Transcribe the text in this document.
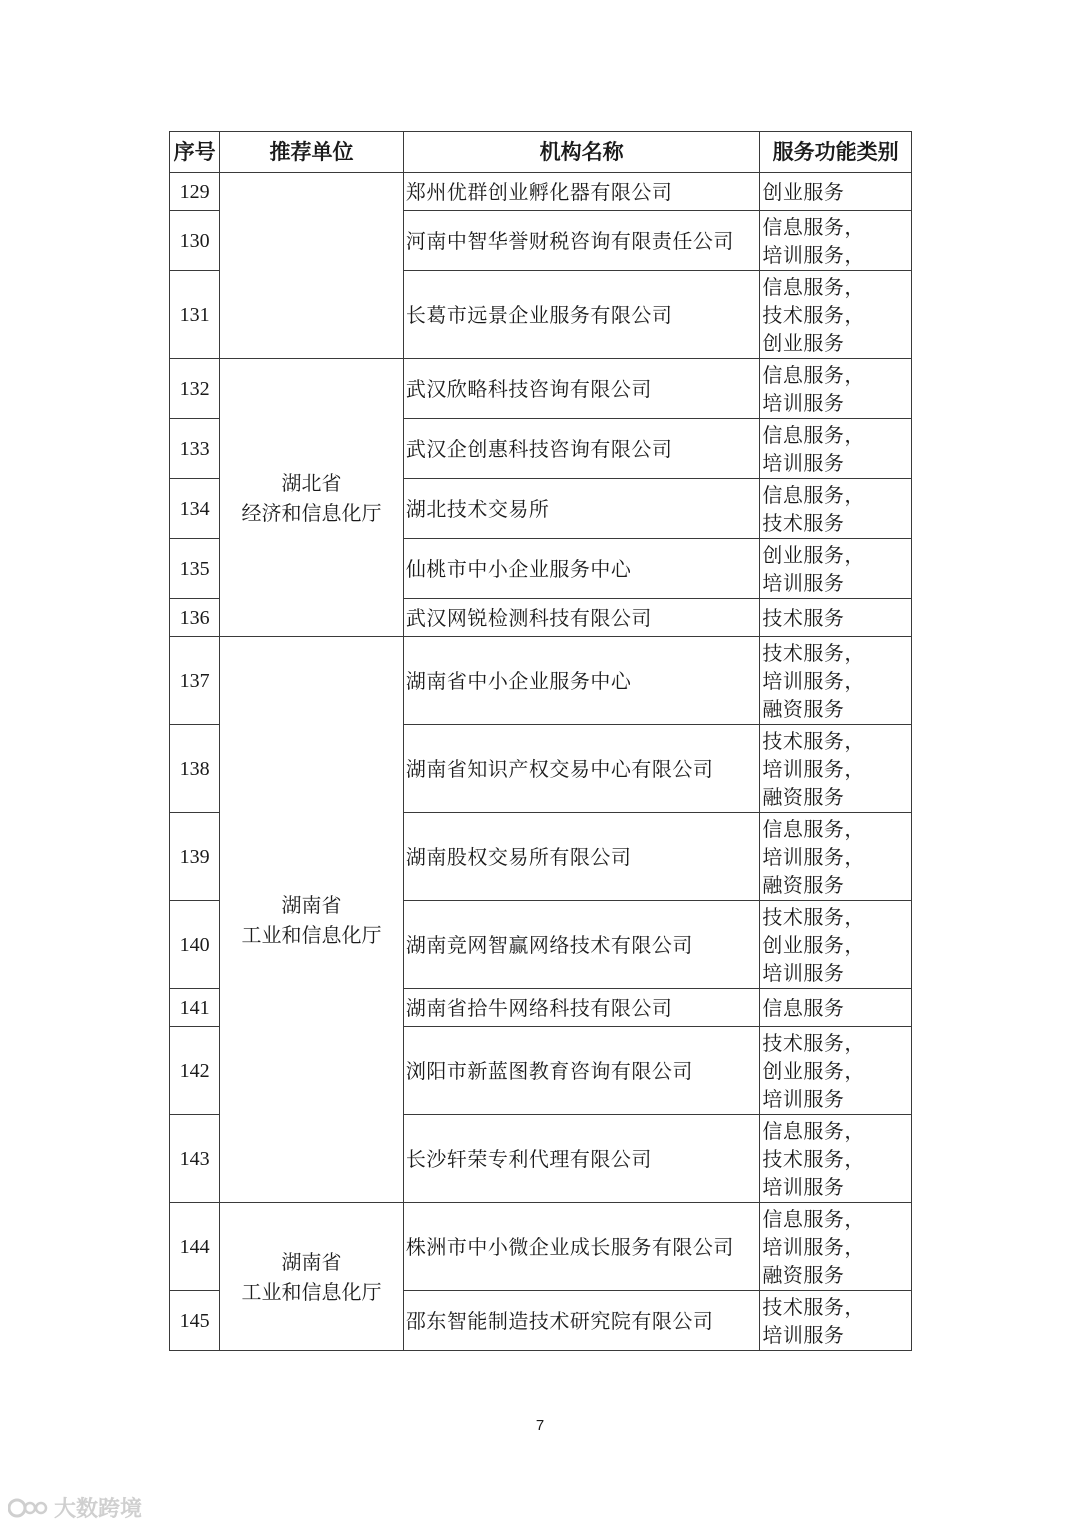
序号	推荐单位	机构名称	服务功能类别
129		郑州优群创业孵化器有限公司	创业服务

130		河南中智华誉财税咨询有限责任公司	信息服务，
培训服务，

131		长葛市远景企业服务有限公司	信息服务，
技术服务，
创业服务

132	湖北省
经济和信息化厅	武汉欣略科技咨询有限公司	信息服务，
培训服务

133		武汉企创惠科技咨询有限公司	信息服务，
培训服务

134		湖北技术交易所	信息服务，
技术服务

135		仙桃市中小企业服务中心	创业服务，
培训服务

136		武汉网锐检测科技有限公司	技术服务

137	湖南省
工业和信息化厅	湖南省中小企业服务中心	技术服务，
培训服务，
融资服务

138		湖南省知识产权交易中心有限公司	技术服务，
培训服务，
融资服务

139		湖南股权交易所有限公司	信息服务，
培训服务，
融资服务

140		湖南竞网智赢网络技术有限公司	技术服务，
创业服务，
培训服务

141		湖南省拾牛网络科技有限公司	信息服务

142		浏阳市新蓝图教育咨询有限公司	技术服务，
创业服务，
培训服务

143		长沙轩荣专利代理有限公司	信息服务，
技术服务，
培训服务

144	湖南省
工业和信息化厅	株洲市中小微企业成长服务有限公司	信息服务，
培训服务，
融资服务

145		邵东智能制造技术研究院有限公司	技术服务，
培训服务
7
大数跨境
